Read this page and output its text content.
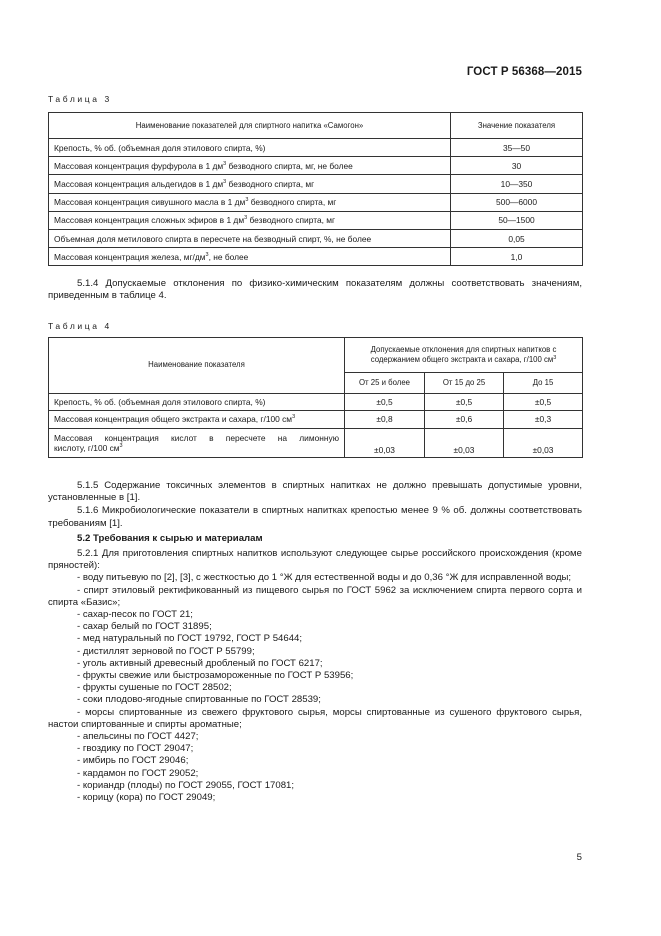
ГОСТ Р 56368—2015
Таблица 3
Наименование показателей для спиртного напитка «Самогон»	Значение показателя
Крепость, % об. (объемная доля этилового спирта, %)	35—50
Массовая концентрация фурфурола в 1 $дм^3$ безводного спирта, мг, не более	30
Массовая концентрация альдегидов в 1 $дм^3$ безводного спирта, мг	10—350
Массовая концентрация сивушного масла в 1 $дм^3$ безводного спирта, мг	500—6000
Массовая концентрация сложных эфиров в 1 $дм^3$ безводного спирта, мг	50—1500
Объемная доля метилового спирта в пересчете на безводный спирт, %, не более	0,05
Массовая концентрация железа, $мг/дм^3$, не более	1,0

5.1.4 Допускаемые отклонения по физико-химическим показателям должны соответствовать значениям, приведенным в таблице 4.

Таблица 4
Наименование показателя	Допускаемые отклонения для спиртных напитков с содержанием общего экстракта и сахара, г/100 $см^3$
	От 25 и более	От 15 до 25	До 15
Крепость, % об. (объемная доля этилового спирта, %)	±0,5	±0,5	±0,5
Массовая концентрация общего экстракта и сахара, г/100 $см^3$	±0,8	±0,6	±0,3

Массовая концентрация кислот в пересчете на лимонную
кислоту, г/100 $см^3$	±0,03	±0,03	±0,03

5.1.5 Содержание токсичных элементов в спиртных напитках не должно превышать допустимые уровни, установленные в [1].

5.1.6 Микробиологические показатели в спиртных напитках крепостью менее 9 % об. должны соответствовать требованиям [1].

5.2 Требования к сырью и материалам

5.2.1 Для приготовления спиртных напитков используют следующее сырье российского происхождения (кроме пряностей):

- воду питьевую по [2], [3], с жесткостью до 1 °Ж для естественной воды и до 0,36 °Ж для исправленной воды;

- спирт этиловый ректификованный из пищевого сырья по ГОСТ 5962 за исключением спирта первого сорта и спирта «Базис»;

- сахар-песок по ГОСТ 21;

- сахар белый по ГОСТ 31895;

- мед натуральный по ГОСТ 19792, ГОСТ Р 54644;

- дистиллят зерновой по ГОСТ Р 55799;

- уголь активный древесный дробленый по ГОСТ 6217;

- фрукты свежие или быстрозамороженные по ГОСТ Р 53956;

- фрукты сушеные по ГОСТ 28502;

- соки плодово-ягодные спиртованные по ГОСТ 28539;

- морсы спиртованные из свежего фруктового сырья, морсы спиртованные из сушеного фруктового сырья, настои спиртованные и спирты ароматные;

- апельсины по ГОСТ 4427;

- гвоздику по ГОСТ 29047;

- имбирь по ГОСТ 29046;

- кардамон по ГОСТ 29052;

- кориандр (плоды) по ГОСТ 29055, ГОСТ 17081;

- корицу (кора) по ГОСТ 29049;

5
